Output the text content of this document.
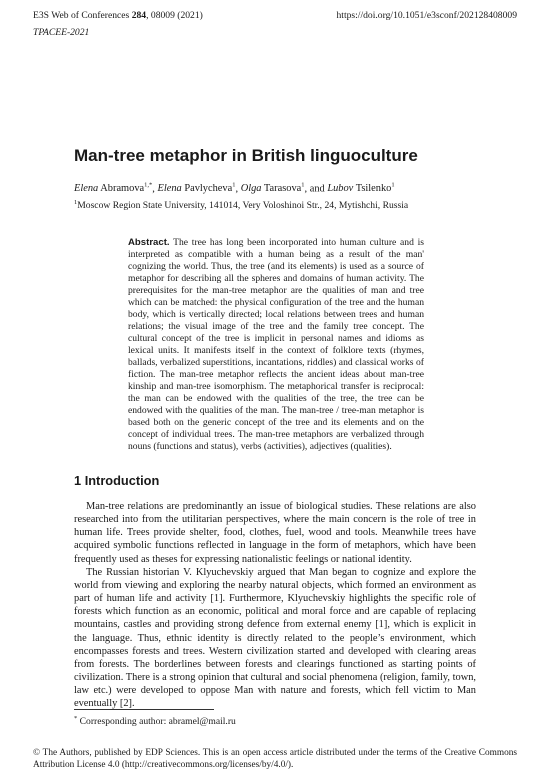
E3S Web of Conferences 284, 08009 (2021)	https://doi.org/10.1051/e3sconf/202128408009
TPACEE-2021
Man-tree metaphor in British linguoculture
Elena Abramova$^{1,*}$, Elena Pavlycheva$^1$, Olga Tarasova$^1$, and Lubov Tsilenko$^1$
$^1$Moscow Region State University, 141014, Very Voloshinoi Str., 24, Mytishchi, Russia
Abstract. The tree has long been incorporated into human culture and is interpreted as compatible with a human being as a result of the man' cognizing the world. Thus, the tree (and its elements) is used as a source of metaphor for describing all the spheres and domains of human activity. The prerequisites for the man-tree metaphor are the qualities of man and tree which can be matched: the physical configuration of the tree and the human body, which is vertically directed; local relations between trees and human relations; the visual image of the tree and the family tree concept. The cultural concept of the tree is implicit in personal names and idioms as lexical units. It manifests itself in the context of folklore texts (rhymes, ballads, verbalized superstitions, incantations, riddles) and classical works of fiction. The man-tree metaphor reflects the ancient ideas about man-tree kinship and man-tree isomorphism. The metaphorical transfer is reciprocal: the man can be endowed with the qualities of the tree, the tree can be endowed with the qualities of the man. The man-tree / tree-man metaphor is based both on the generic concept of the tree and its elements and on the concept of individual trees. The man-tree metaphors are verbalized through nouns (functions and status), verbs (activities), adjectives (qualities).
1 Introduction

Man-tree relations are predominantly an issue of biological studies. These relations are also researched into from the utilitarian perspectives, where the main concern is the role of tree in human life. Trees provide shelter, food, clothes, fuel, wood and tools. Meanwhile trees have acquired symbolic functions reflected in language in the form of metaphors, which have been frequently used as theses for expressing nationalistic feelings or national identity.

The Russian historian V. Klyuchevskiy argued that Man began to cognize and explore the world from viewing and exploring the nearby natural objects, which formed an environment as part of human life and activity [1]. Furthermore, Klyuchevskiy highlights the specific role of forests which function as an economic, political and moral force and are capable of replacing mountains, castles and providing strong defence from external enemy [1], which is explicit in the language. Thus, ethnic identity is directly related to the people’s environment, which encompasses forests and trees. Western civilization started and developed with clearing areas from forests. The borderlines between forests and clearings functioned as starting points of civilization. There is a strong opinion that cultural and social phenomena (religion, family, town, law etc.) were developed to oppose Man with nature and forests, which fell victim to Man eventually [2].

* Corresponding author: abramel@mail.ru
© The Authors, published by EDP Sciences. This is an open access article distributed under the terms of the Creative Commons Attribution License 4.0 (http://creativecommons.org/licenses/by/4.0/).
